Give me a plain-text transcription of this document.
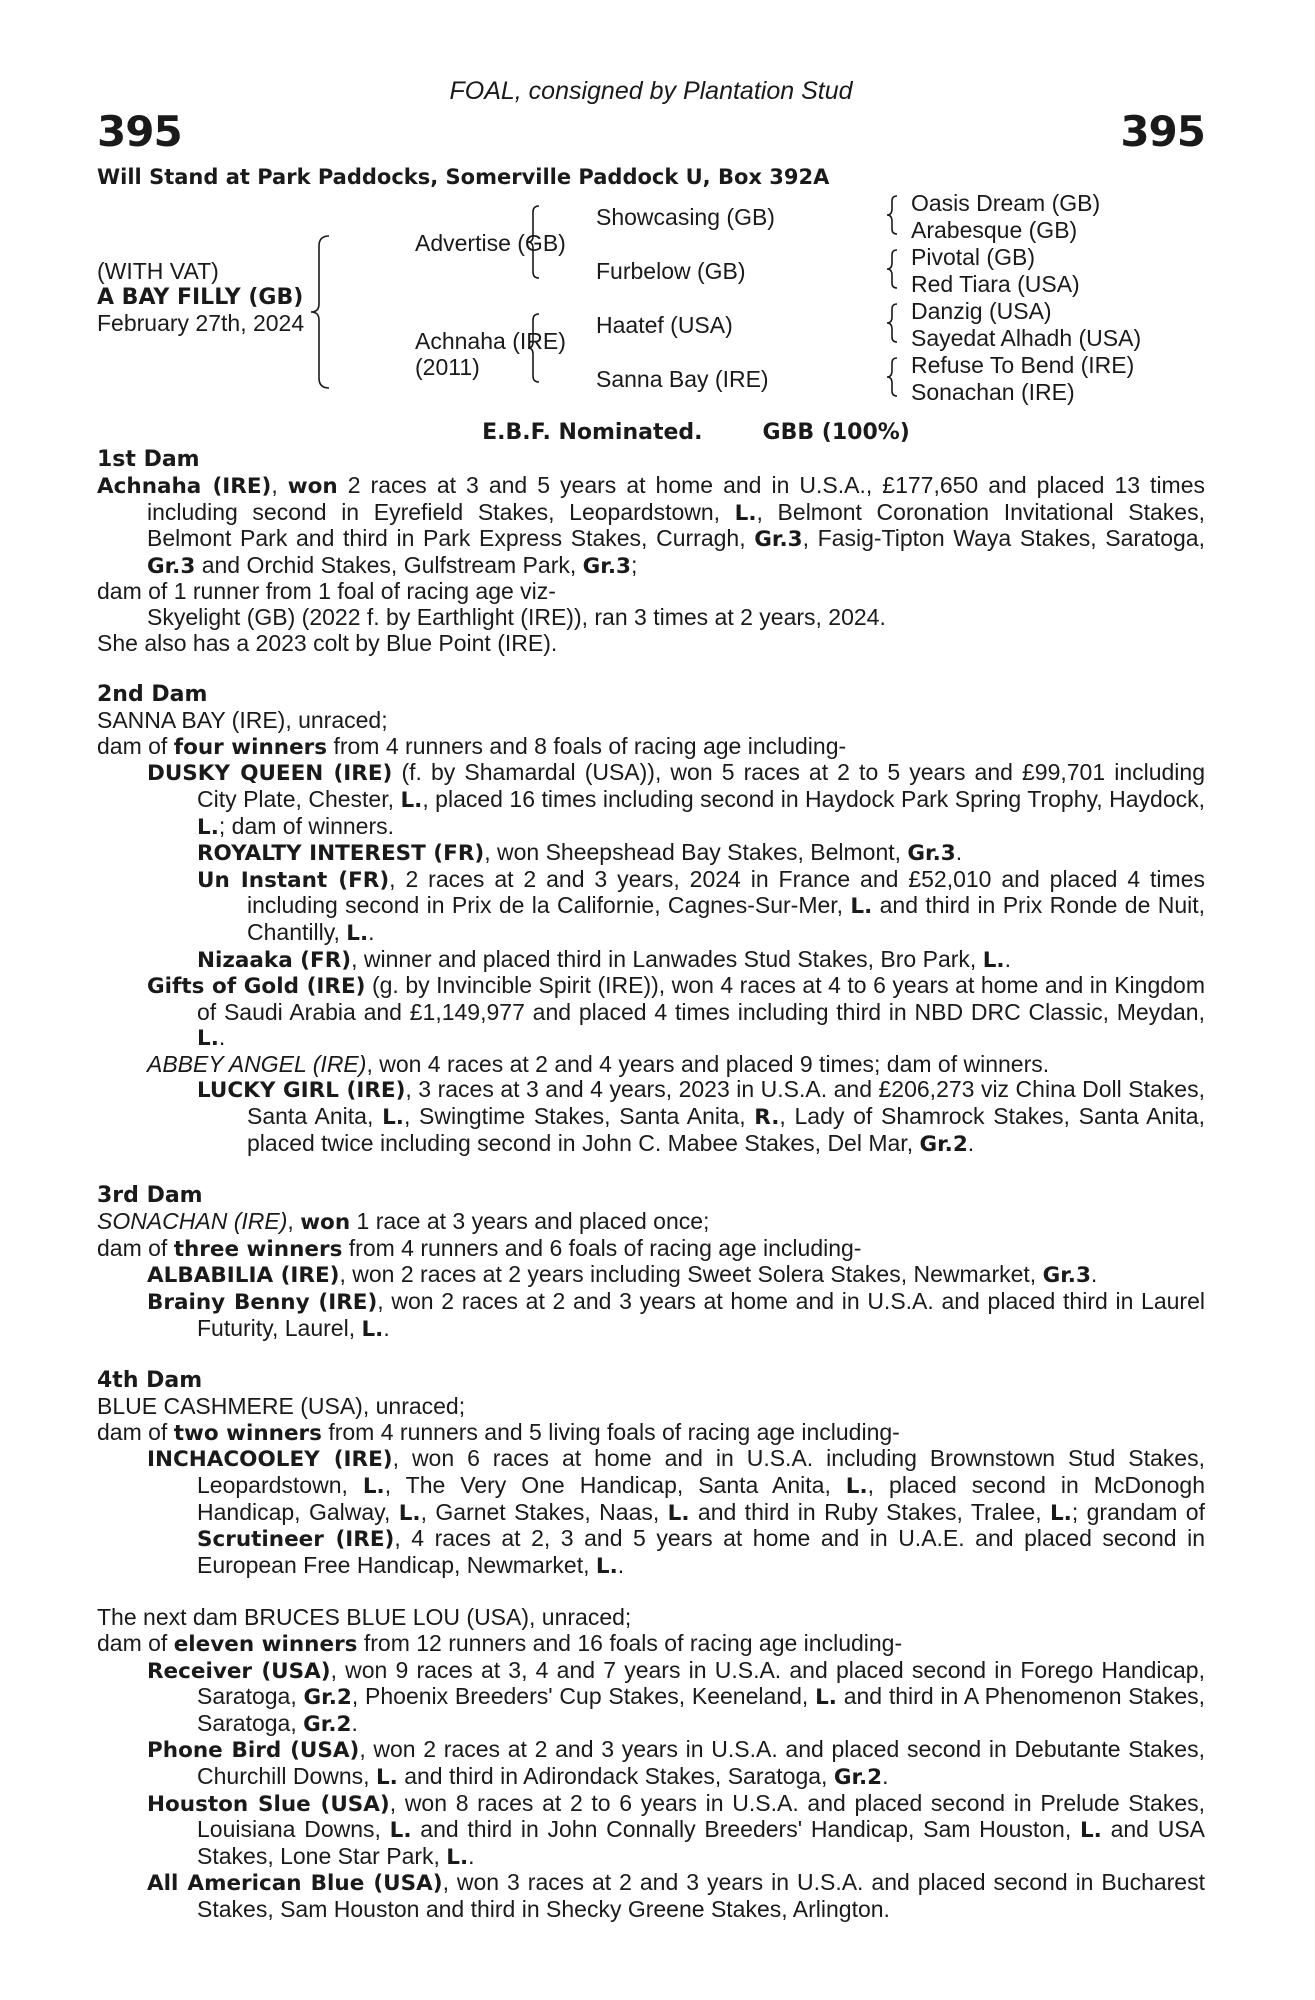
FOAL, consigned by Plantation Stud
395	395
Will Stand at Park Paddocks, Somerville Paddock U, Box 392A
(WITH VAT)
A BAY FILLY (GB)
February 27th, 2024
Advertise (GB)
Achnaha (IRE)
(2011)
Showcasing (GB)
Furbelow (GB)
Haatef (USA)
Sanna Bay (IRE)
Oasis Dream (GB)
Arabesque (GB)
Pivotal (GB)
Red Tiara (USA)
Danzig (USA)
Sayedat Alhadh (USA)
Refuse To Bend (IRE)
Sonachan (IRE)
E.B.F. Nominated.	GBB (100%)
1st Dam

Achnaha (IRE), won 2 races at 3 and 5 years at home and in U.S.A., £177,650 and placed 13 times including second in Eyrefield Stakes, Leopardstown, L., Belmont Coronation Invitational Stakes, Belmont Park and third in Park Express Stakes, Curragh, Gr.3, Fasig-Tipton Waya Stakes, Saratoga, Gr.3 and Orchid Stakes, Gulfstream Park, Gr.3;

dam of 1 runner from 1 foal of racing age viz-

Skyelight (GB) (2022 f. by Earthlight (IRE)), ran 3 times at 2 years, 2024.

She also has a 2023 colt by Blue Point (IRE).

2nd Dam

SANNA BAY (IRE), unraced;

dam of four winners from 4 runners and 8 foals of racing age including-

DUSKY QUEEN (IRE) (f. by Shamardal (USA)), won 5 races at 2 to 5 years and £99,701 including City Plate, Chester, L., placed 16 times including second in Haydock Park Spring Trophy, Haydock, L.; dam of winners.

ROYALTY INTEREST (FR), won Sheepshead Bay Stakes, Belmont, Gr.3.

Un Instant (FR), 2 races at 2 and 3 years, 2024 in France and £52,010 and placed 4 times including second in Prix de la Californie, Cagnes-Sur-Mer, L. and third in Prix Ronde de Nuit, Chantilly, L..

Nizaaka (FR), winner and placed third in Lanwades Stud Stakes, Bro Park, L..

Gifts of Gold (IRE) (g. by Invincible Spirit (IRE)), won 4 races at 4 to 6 years at home and in Kingdom of Saudi Arabia and £1,149,977 and placed 4 times including third in NBD DRC Classic, Meydan, L..

ABBEY ANGEL (IRE), won 4 races at 2 and 4 years and placed 9 times; dam of winners.

LUCKY GIRL (IRE), 3 races at 3 and 4 years, 2023 in U.S.A. and £206,273 viz China Doll Stakes, Santa Anita, L., Swingtime Stakes, Santa Anita, R., Lady of Shamrock Stakes, Santa Anita, placed twice including second in John C. Mabee Stakes, Del Mar, Gr.2.

3rd Dam

SONACHAN (IRE), won 1 race at 3 years and placed once;

dam of three winners from 4 runners and 6 foals of racing age including-

ALBABILIA (IRE), won 2 races at 2 years including Sweet Solera Stakes, Newmarket, Gr.3.

Brainy Benny (IRE), won 2 races at 2 and 3 years at home and in U.S.A. and placed third in Laurel Futurity, Laurel, L..

4th Dam

BLUE CASHMERE (USA), unraced;

dam of two winners from 4 runners and 5 living foals of racing age including-

INCHACOOLEY (IRE), won 6 races at home and in U.S.A. including Brownstown Stud Stakes, Leopardstown, L., The Very One Handicap, Santa Anita, L., placed second in McDonogh Handicap, Galway, L., Garnet Stakes, Naas, L. and third in Ruby Stakes, Tralee, L.; grandam of Scrutineer (IRE), 4 races at 2, 3 and 5 years at home and in U.A.E. and placed second in European Free Handicap, Newmarket, L..

The next dam BRUCES BLUE LOU (USA), unraced;

dam of eleven winners from 12 runners and 16 foals of racing age including-

Receiver (USA), won 9 races at 3, 4 and 7 years in U.S.A. and placed second in Forego Handicap, Saratoga, Gr.2, Phoenix Breeders' Cup Stakes, Keeneland, L. and third in A Phenomenon Stakes, Saratoga, Gr.2.

Phone Bird (USA), won 2 races at 2 and 3 years in U.S.A. and placed second in Debutante Stakes, Churchill Downs, L. and third in Adirondack Stakes, Saratoga, Gr.2.

Houston Slue (USA), won 8 races at 2 to 6 years in U.S.A. and placed second in Prelude Stakes, Louisiana Downs, L. and third in John Connally Breeders' Handicap, Sam Houston, L. and USA Stakes, Lone Star Park, L..

All American Blue (USA), won 3 races at 2 and 3 years in U.S.A. and placed second in Bucharest Stakes, Sam Houston and third in Shecky Greene Stakes, Arlington.
